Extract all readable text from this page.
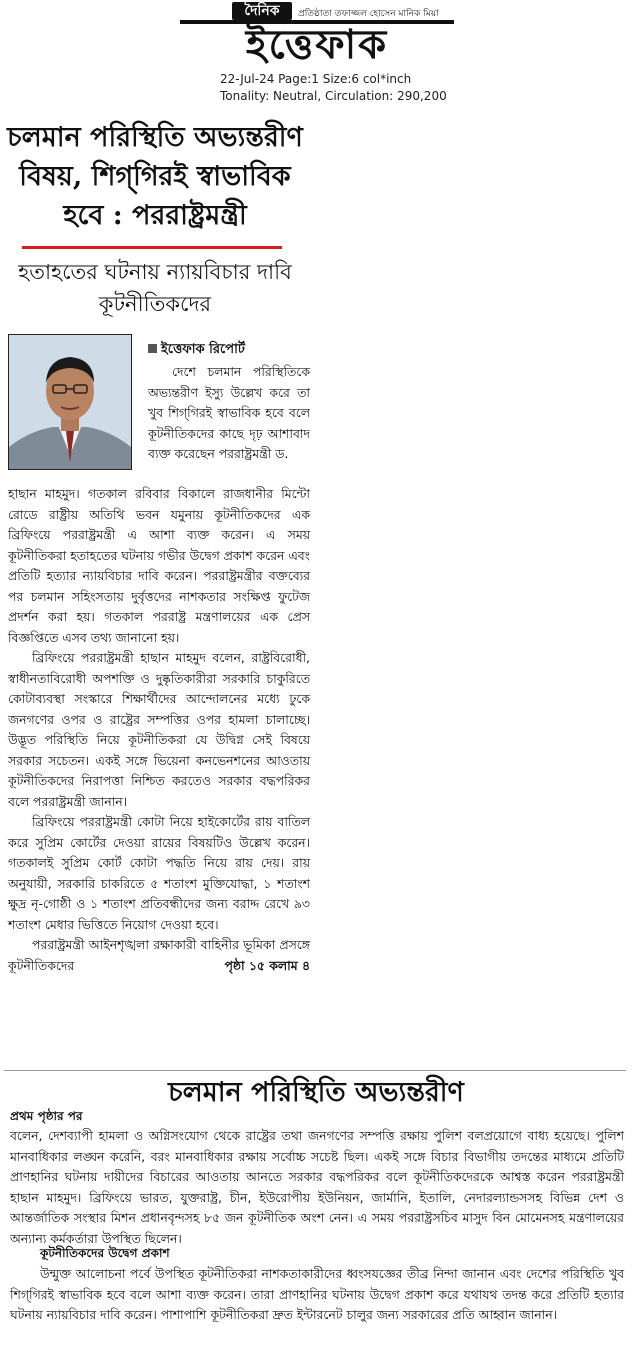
দৈনিক	প্রতিষ্ঠাতা তফাজ্জল হোসেন মানিক মিয়া
ইত্তেফাক
22-Jul-24 Page:1 Size:6 col*inch
Tonality: Neutral, Circulation: 290,200
চলমান পরিস্থিতি অভ্যন্তরীণ বিষয়, শিগ্‌গিরই স্বাভাবিক হবে : পররাষ্ট্রমন্ত্রী
হতাহতের ঘটনায় ন্যায়বিচার দাবি কূটনীতিকদের
ইত্তেফাক রিপোর্ট

দেশে চলমান পরিস্থিতিকে অভ্যন্তরীণ ইস্যু উল্লেখ করে তা খুব শিগ্‌গিরই স্বাভাবিক হবে বলে কূটনীতিকদের কাছে দৃঢ় আশাবাদ ব্যক্ত করেছেন পররাষ্ট্রমন্ত্রী ড.

হাছান মাহমুদ। গতকাল রবিবার বিকালে রাজধানীর মিন্টো রোডে রাষ্ট্রীয় অতিথি ভবন যমুনায় কূটনীতিকদের এক ব্রিফিংয়ে পররাষ্ট্রমন্ত্রী এ আশা ব্যক্ত করেন। এ সময় কূটনীতিকরা হতাহতের ঘটনায় গভীর উদ্বেগ প্রকাশ করেন এবং প্রতিটি হত্যার ন্যায়বিচার দাবি করেন। পররাষ্ট্রমন্ত্রীর বক্তব্যের পর চলমান সহিংসতায় দুর্বৃত্তদের নাশকতার সংক্ষিপ্ত ফুটেজ প্রদর্শন করা হয়। গতকাল পররাষ্ট্র মন্ত্রণালয়ের এক প্রেস বিজ্ঞপ্তিতে এসব তথ্য জানানো হয়।

ব্রিফিংয়ে পররাষ্ট্রমন্ত্রী হাছান মাহমুদ বলেন, রাষ্ট্রবিরোধী, স্বাধীনতাবিরোধী অপশক্তি ও দুষ্কৃতিকারীরা সরকারি চাকুরিতে কোটাব্যবস্থা সংস্কারে শিক্ষার্থীদের আন্দোলনের মধ্যে ঢুকে জনগণের ওপর ও রাষ্ট্রের সম্পত্তির ওপর হামলা চালাচ্ছে। উদ্ভূত পরিস্থিতি নিয়ে কূটনীতিকরা যে উদ্বিগ্ন সেই বিষয়ে সরকার সচেতন। একই সঙ্গে ভিয়েনা কনভেনশনের আওতায় কূটনীতিকদের নিরাপত্তা নিশ্চিত করতেও সরকার বদ্ধপরিকর বলে পররাষ্ট্রমন্ত্রী জানান।

ব্রিফিংয়ে পররাষ্ট্রমন্ত্রী কোটা নিয়ে হাইকোর্টের রায় বাতিল করে সুপ্রিম কোর্টের দেওয়া রায়ের বিষয়টিও উল্লেখ করেন। গতকালই সুপ্রিম কোর্ট কোটা পদ্ধতি নিয়ে রায় দেয়। রায় অনুযায়ী, সরকারি চাকরিতে ৫ শতাংশ মুক্তিযোদ্ধা, ১ শতাংশ ক্ষুদ্র নৃ-গোষ্ঠী ও ১ শতাংশ প্রতিবন্ধীদের জন্য বরাদ্দ রেখে ৯৩ শতাংশ মেধার ভিত্তিতে নিয়োগ দেওয়া হবে।

পররাষ্ট্রমন্ত্রী আইনশৃঙ্খলা রক্ষাকারী বাহিনীর ভূমিকা প্রসঙ্গে কূটনীতিকদের	পৃষ্ঠা ১৫ কলাম ৪

চলমান পরিস্থিতি অভ্যন্তরীণ
প্রথম পৃষ্ঠার পর
বলেন, দেশব্যাপী হামলা ও অগ্নিসংযোগ থেকে রাষ্ট্রের তথা জনগণের সম্পত্তি রক্ষায় পুলিশ বলপ্রয়োগে বাধ্য হয়েছে। পুলিশ মানবাধিকার লঙ্ঘন করেনি, বরং মানবাধিকার রক্ষায় সর্বোচ্চ সচেষ্ট ছিল। একই সঙ্গে বিচার বিভাগীয় তদন্তের মাধ্যমে প্রতিটি প্রাণহানির ঘটনায় দায়ীদের বিচারের আওতায় আনতে সরকার বদ্ধপরিকর বলে কূটনীতিকদেরকে আশ্বস্ত করেন পররাষ্ট্রমন্ত্রী হাছান মাহমুদ। ব্রিফিংয়ে ভারত, যুক্তরাষ্ট্র, চীন, ইউরোপীয় ইউনিয়ন, জার্মানি, ইতালি, নেদারল্যান্ডসসহ বিভিন্ন দেশ ও আন্তর্জাতিক সংস্থার মিশন প্রধানবৃন্দসহ ৮৫ জন কূটনীতিক অংশ নেন। এ সময় পররাষ্ট্রসচিব মাসুদ বিন মোমেনসহ মন্ত্রণালয়ের অন্যান্য কর্মকর্তারা উপস্থিত ছিলেন।
কূটনীতিকদের উদ্বেগ প্রকাশ
উন্মুক্ত আলোচনা পর্বে উপস্থিত কূটনীতিকরা নাশকতাকারীদের ধ্বংসযজ্ঞের তীব্র নিন্দা জানান এবং দেশের পরিস্থিতি খুব শিগ্‌গিরই স্বাভাবিক হবে বলে আশা ব্যক্ত করেন। তারা প্রাণহানির ঘটনায় উদ্বেগ প্রকাশ করে যথাযথ তদন্ত করে প্রতিটি হত্যার ঘটনায় ন্যায়বিচার দাবি করেন। পাশাপাশি কূটনীতিকরা দ্রুত ইন্টারনেট চালুর জন্য সরকারের প্রতি আহ্বান জানান।
